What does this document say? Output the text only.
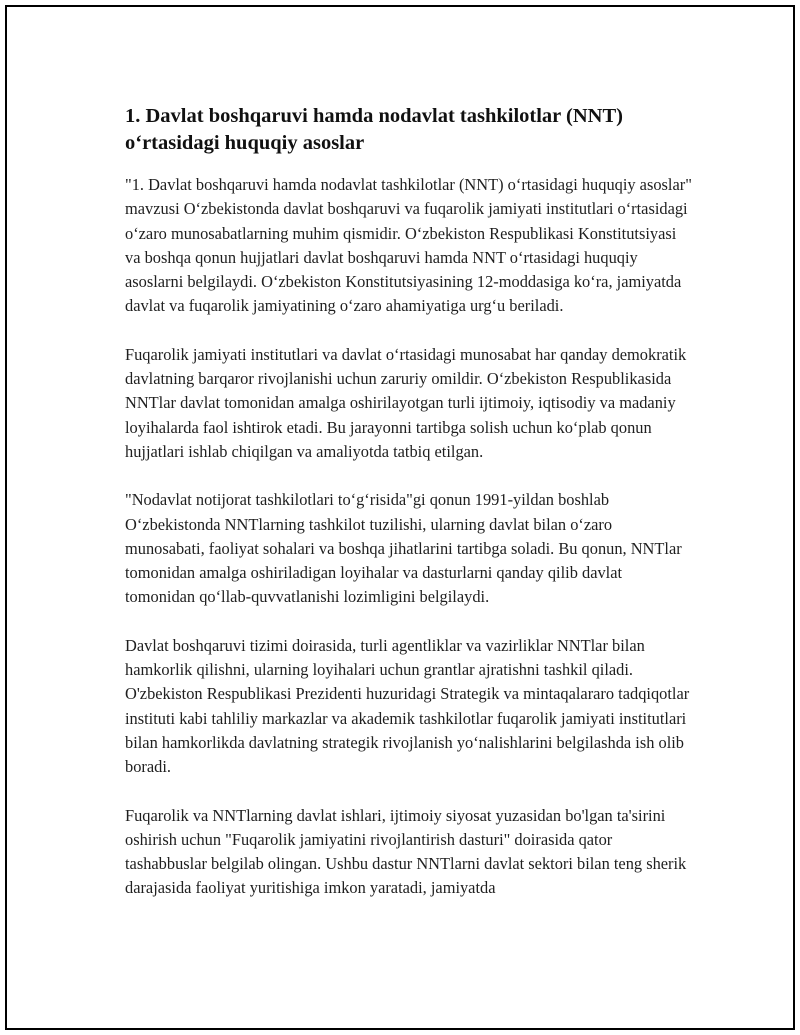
1. Davlat boshqaruvi hamda nodavlat tashkilotlar (NNT) o‘rtasidagi huquqiy asoslar

"1. Davlat boshqaruvi hamda nodavlat tashkilotlar (NNT) o‘rtasidagi huquqiy asoslar" mavzusi O‘zbekistonda davlat boshqaruvi va fuqarolik jamiyati institutlari o‘rtasidagi o‘zaro munosabatlarning muhim qismidir. O‘zbekiston Respublikasi Konstitutsiyasi va boshqa qonun hujjatlari davlat boshqaruvi hamda NNT o‘rtasidagi huquqiy asoslarni belgilaydi. O‘zbekiston Konstitutsiyasining 12-moddasiga ko‘ra, jamiyatda davlat va fuqarolik jamiyatining o‘zaro ahamiyatiga urg‘u beriladi.

Fuqarolik jamiyati institutlari va davlat o‘rtasidagi munosabat har qanday demokratik davlatning barqaror rivojlanishi uchun zaruriy omildir. O‘zbekiston Respublikasida NNTlar davlat tomonidan amalga oshirilayotgan turli ijtimoiy, iqtisodiy va madaniy loyihalarda faol ishtirok etadi. Bu jarayonni tartibga solish uchun ko‘plab qonun hujjatlari ishlab chiqilgan va amaliyotda tatbiq etilgan.

"Nodavlat notijorat tashkilotlari to‘g‘risida"gi qonun 1991-yildan boshlab O‘zbekistonda NNTlarning tashkilot tuzilishi, ularning davlat bilan o‘zaro munosabati, faoliyat sohalari va boshqa jihatlarini tartibga soladi. Bu qonun, NNTlar tomonidan amalga oshiriladigan loyihalar va dasturlarni qanday qilib davlat tomonidan qo‘llab-quvvatlanishi lozimligini belgilaydi.

Davlat boshqaruvi tizimi doirasida, turli agentliklar va vazirliklar NNTlar bilan hamkorlik qilishni, ularning loyihalari uchun grantlar ajratishni tashkil qiladi. O'zbekiston Respublikasi Prezidenti huzuridagi Strategik va mintaqalararo tadqiqotlar instituti kabi tahliliy markazlar va akademik tashkilotlar fuqarolik jamiyati institutlari bilan hamkorlikda davlatning strategik rivojlanish yo‘nalishlarini belgilashda ish olib boradi.

Fuqarolik va NNTlarning davlat ishlari, ijtimoiy siyosat yuzasidan bo'lgan ta'sirini oshirish uchun "Fuqarolik jamiyatini rivojlantirish dasturi" doirasida qator tashabbuslar belgilab olingan. Ushbu dastur NNTlarni davlat sektori bilan teng sherik darajasida faoliyat yuritishiga imkon yaratadi, jamiyatda
